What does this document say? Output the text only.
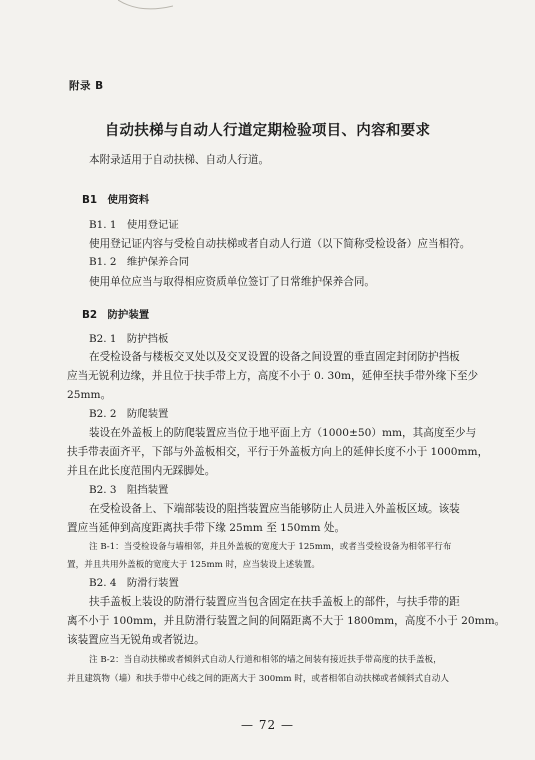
附录 B
自动扶梯与自动人行道定期检验项目、内容和要求
本附录适用于自动扶梯、自动人行道。
B1　使用资料
B1. 1　使用登记证
使用登记证内容与受检自动扶梯或者自动人行道（以下简称受检设备）应当相符。
B1. 2　维护保养合同
使用单位应当与取得相应资质单位签订了日常维护保养合同。
B2　防护装置
B2. 1　防护挡板
在受检设备与楼板交叉处以及交叉设置的设备之间设置的垂直固定封闭防护挡板
应当无锐利边缘，并且位于扶手带上方，高度不小于 0. 30m，延伸至扶手带外缘下至少
25mm。
B2. 2　防爬装置
装设在外盖板上的防爬装置应当位于地平面上方（1000±50）mm，其高度至少与
扶手带表面齐平，下部与外盖板相交，平行于外盖板方向上的延伸长度不小于 1000mm，
并且在此长度范围内无踩脚处。
B2. 3　阻挡装置
在受检设备上、下端部装设的阻挡装置应当能够防止人员进入外盖板区域。该装
置应当延伸到高度距离扶手带下缘 25mm 至 150mm 处。
注 B-1：当受检设备与墙相邻，并且外盖板的宽度大于 125mm，或者当受检设备为相邻平行布
置，并且共用外盖板的宽度大于 125mm 时，应当装设上述装置。
B2. 4　防滑行装置
扶手盖板上装设的防滑行装置应当包含固定在扶手盖板上的部件，与扶手带的距
离不小于 100mm，并且防滑行装置之间的间隔距离不大于 1800mm，高度不小于 20mm。
该装置应当无锐角或者锐边。
注 B-2：当自动扶梯或者倾斜式自动人行道和相邻的墙之间装有接近扶手带高度的扶手盖板，
并且建筑物（墙）和扶手带中心线之间的距离大于 300mm 时，或者相邻自动扶梯或者倾斜式自动人
— 72 —
